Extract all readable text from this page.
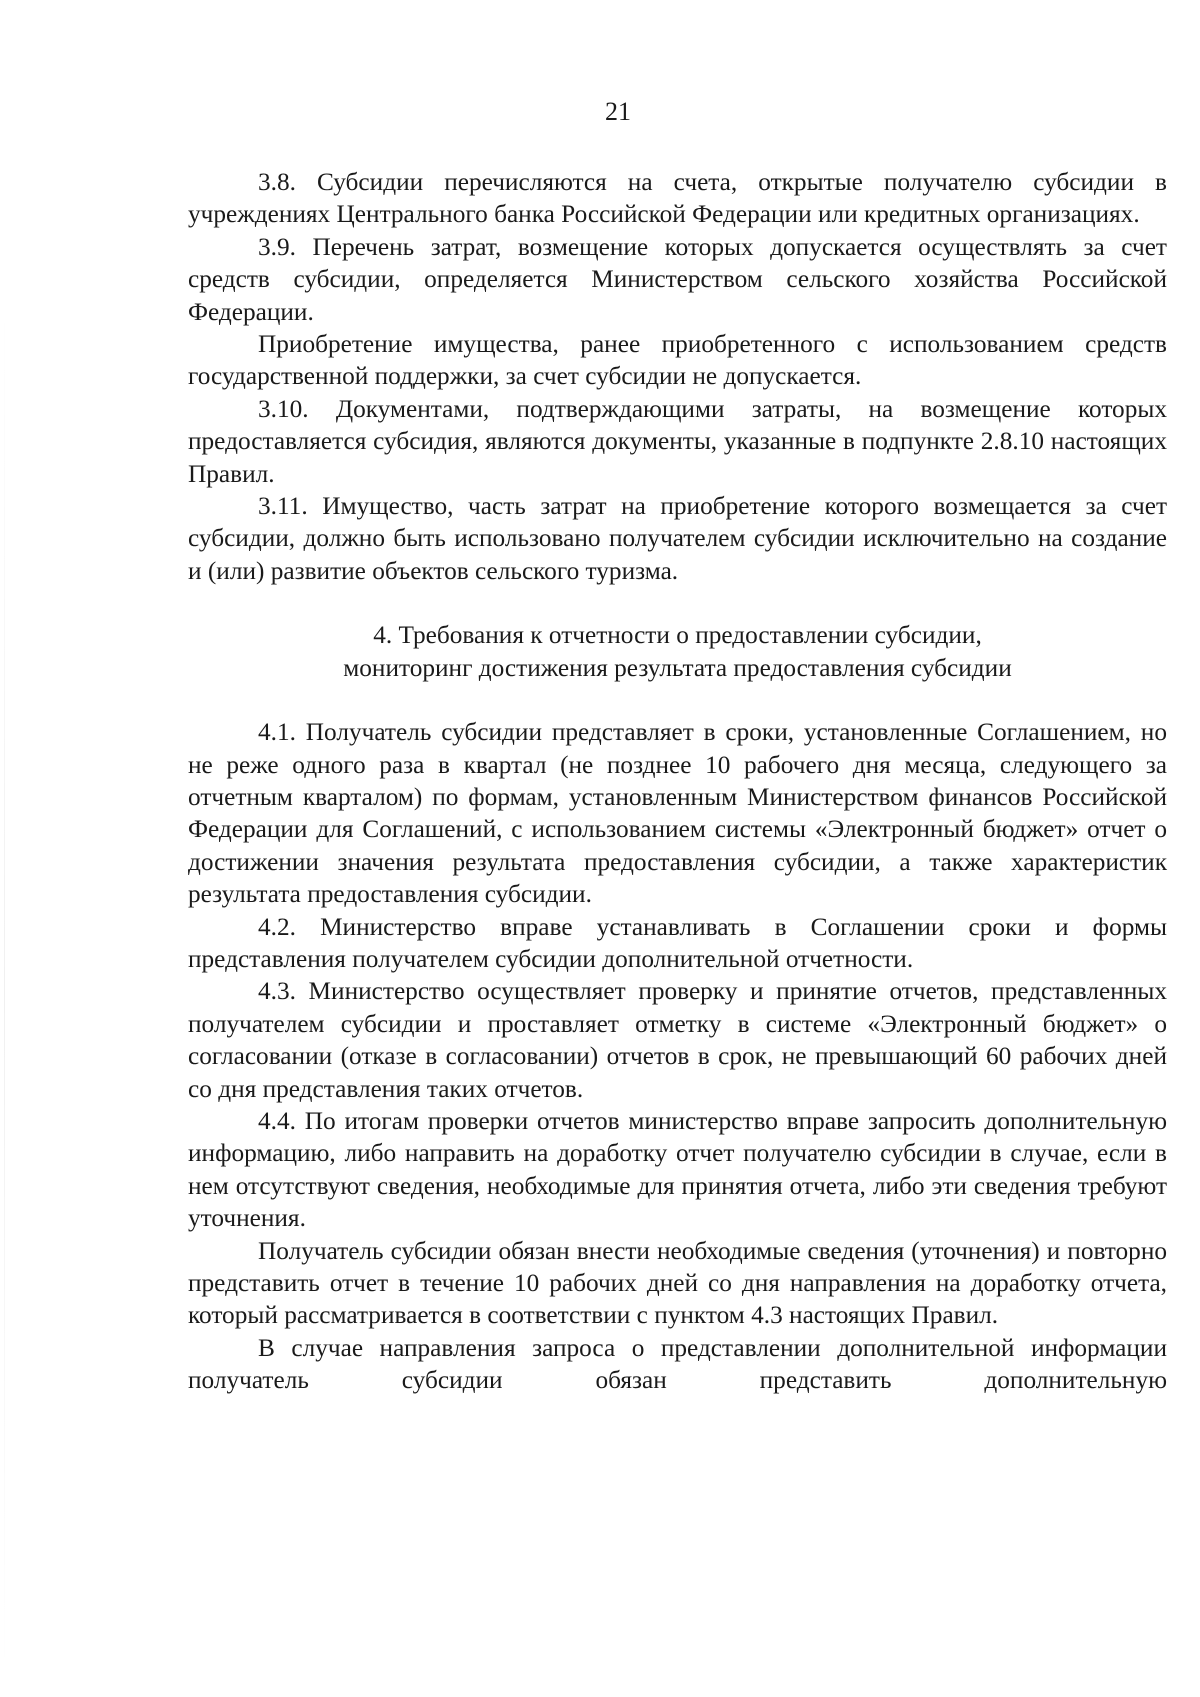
21

3.8. Субсидии перечисляются на счета, открытые получателю субсидии в учреждениях Центрального банка Российской Федерации или кредитных организациях.

3.9. Перечень затрат, возмещение которых допускается осуществлять за счет средств субсидии, определяется Министерством сельского хозяйства Российской Федерации.

Приобретение имущества, ранее приобретенного с использованием средств государственной поддержки, за счет субсидии не допускается.

3.10. Документами, подтверждающими затраты, на возмещение которых предоставляется субсидия, являются документы, указанные в подпункте 2.8.10 настоящих Правил.

3.11. Имущество, часть затрат на приобретение которого возмещается за счет субсидии, должно быть использовано получателем субсидии исключительно на создание и (или) развитие объектов сельского туризма.

4. Требования к отчетности о предоставлении субсидии,
мониторинг достижения результата предоставления субсидии

4.1. Получатель субсидии представляет в сроки, установленные Соглашением, но не реже одного раза в квартал (не позднее 10 рабочего дня месяца, следующего за отчетным кварталом) по формам, установленным Министерством финансов Российской Федерации для Соглашений, с использованием системы «Электронный бюджет» отчет о достижении значения результата предоставления субсидии, а также характеристик результата предоставления субсидии.

4.2. Министерство вправе устанавливать в Соглашении сроки и формы представления получателем субсидии дополнительной отчетности.

4.3. Министерство осуществляет проверку и принятие отчетов, представленных получателем субсидии и проставляет отметку в системе «Электронный бюджет» о согласовании (отказе в согласовании) отчетов в срок, не превышающий 60 рабочих дней со дня представления таких отчетов.

4.4. По итогам проверки отчетов министерство вправе запросить дополнительную информацию, либо направить на доработку отчет получателю субсидии в случае, если в нем отсутствуют сведения, необходимые для принятия отчета, либо эти сведения требуют уточнения.

Получатель субсидии обязан внести необходимые сведения (уточнения) и повторно представить отчет в течение 10 рабочих дней со дня направления на доработку отчета, который рассматривается в соответствии с пунктом 4.3 настоящих Правил.

В случае направления запроса о представлении дополнительной информации получатель субсидии обязан представить дополнительную
